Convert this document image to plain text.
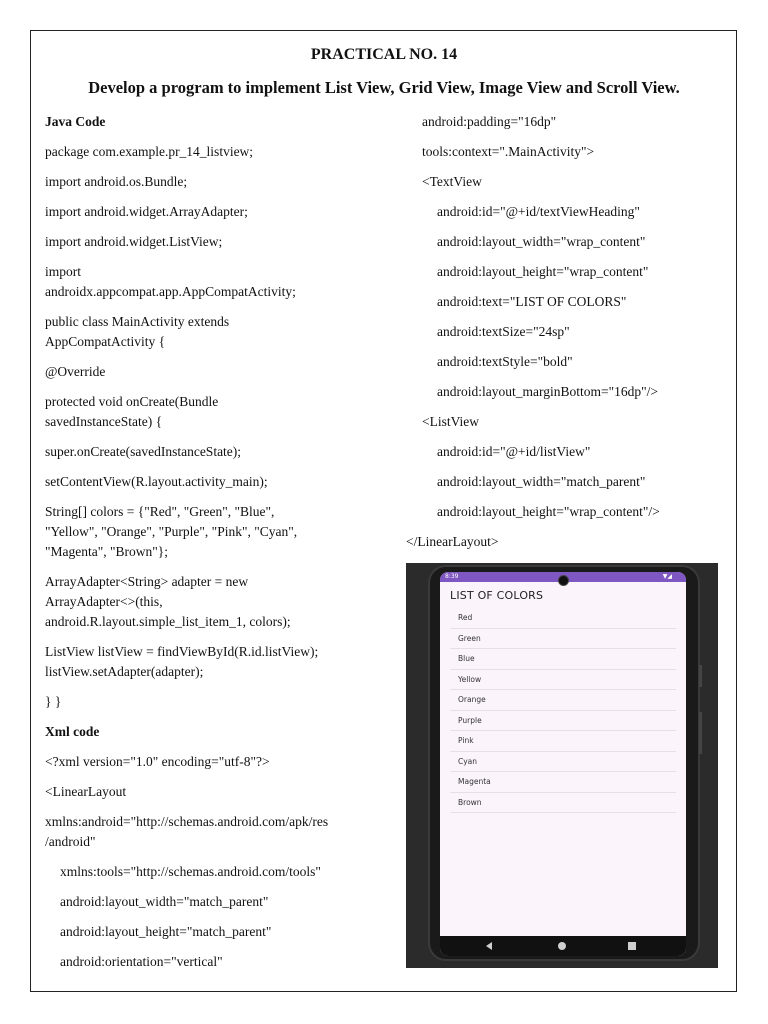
PRACTICAL NO. 14
Develop a program to implement List View, Grid View, Image View and Scroll View.
Java Code
package com.example.pr_14_listview;
import android.os.Bundle;
import android.widget.ArrayAdapter;
import android.widget.ListView;
import
androidx.appcompat.app.AppCompatActivity;
public class MainActivity extends
AppCompatActivity {
@Override
protected void onCreate(Bundle
savedInstanceState) {
super.onCreate(savedInstanceState);
setContentView(R.layout.activity_main);
String[] colors = {"Red", "Green", "Blue",
"Yellow", "Orange", "Purple", "Pink", "Cyan",
"Magenta", "Brown"};
ArrayAdapter<String> adapter = new
ArrayAdapter<>(this,
android.R.layout.simple_list_item_1, colors);
ListView listView = findViewById(R.id.listView);
listView.setAdapter(adapter);
} }
Xml code
<?xml version="1.0" encoding="utf-8"?>
<LinearLayout
xmlns:android="http://schemas.android.com/apk/res
/android"
xmlns:tools="http://schemas.android.com/tools"
android:layout_width="match_parent"
android:layout_height="match_parent"
android:orientation="vertical"
android:padding="16dp"
tools:context=".MainActivity">
<TextView
android:id="@+id/textViewHeading"
android:layout_width="wrap_content"
android:layout_height="wrap_content"
android:text="LIST OF COLORS"
android:textSize="24sp"
android:textStyle="bold"
android:layout_marginBottom="16dp"/>
<ListView
android:id="@+id/listView"
android:layout_width="match_parent"
android:layout_height="wrap_content"/>
</LinearLayout>
8:39	▼◢
LIST OF COLORS
Red
Green
Blue
Yellow
Orange
Purple
Pink
Cyan
Magenta
Brown
